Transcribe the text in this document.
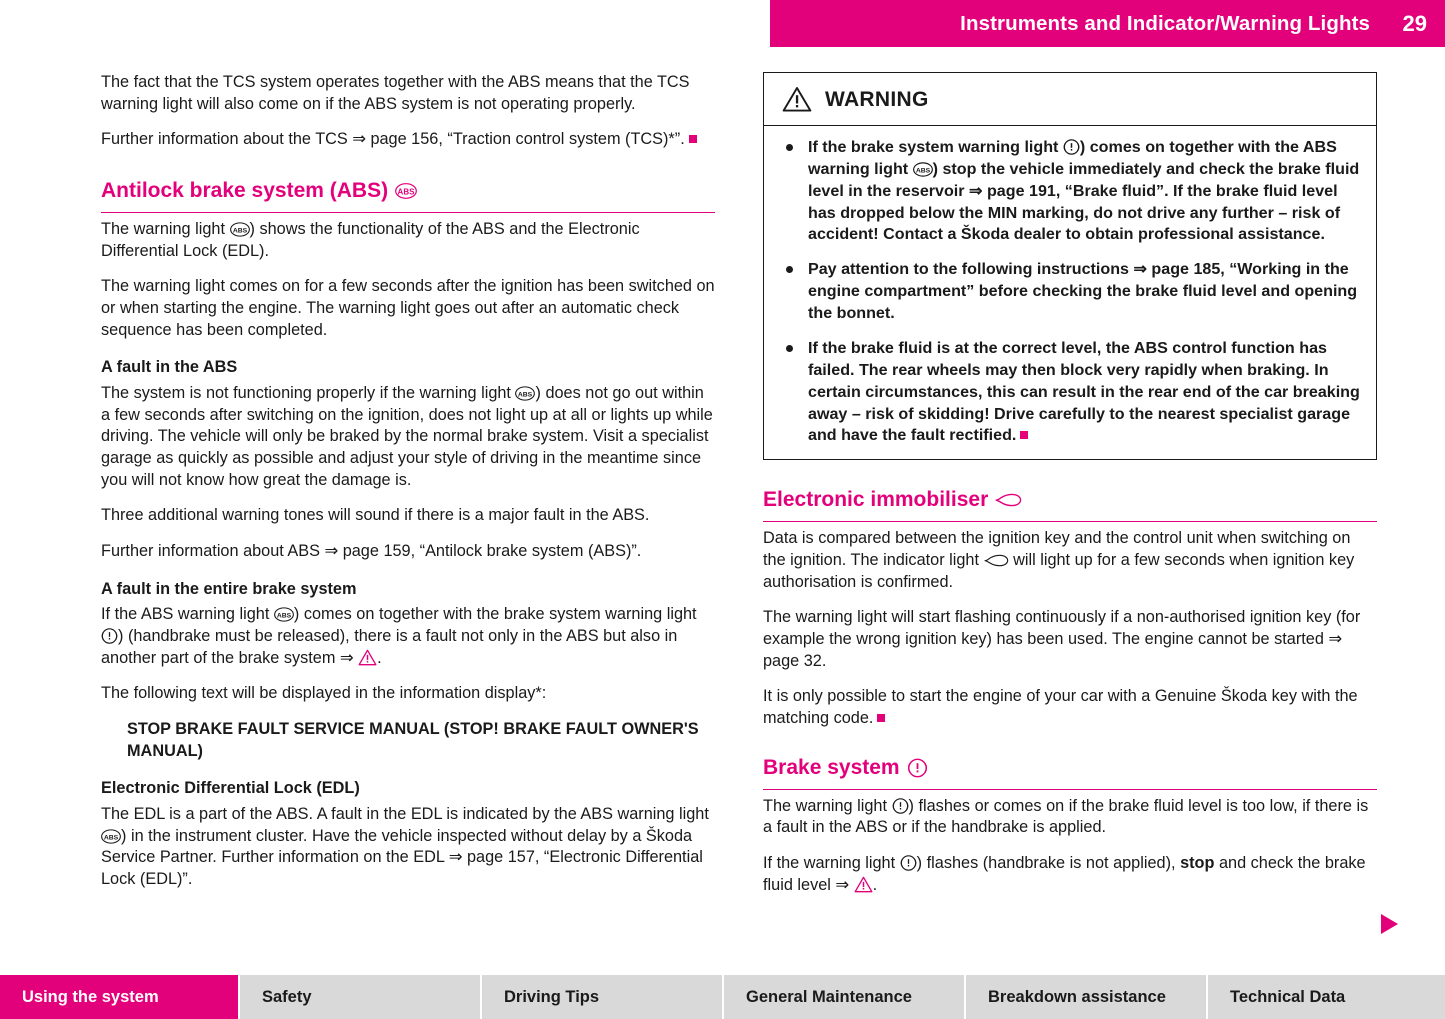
Instruments and Indicator/Warning Lights 29

The fact that the TCS system operates together with the ABS means that the TCS warning light will also come on if the ABS system is not operating properly.

Further information about the TCS ⇒ page 156, “Traction control system (TCS)*”.

Antilock brake system (ABS) ABS

The warning light ABS ) shows the functionality of the ABS and the Electronic Differential Lock (EDL).

The warning light comes on for a few seconds after the ignition has been switched on or when starting the engine. The warning light goes out after an automatic check sequence has been completed.

A fault in the ABS

The system is not functioning properly if the warning light ABS ) does not go out within a few seconds after switching on the ignition, does not light up at all or lights up while driving. The vehicle will only be braked by the normal brake system. Visit a specialist garage as quickly as possible and adjust your style of driving in the meantime since you will not know how great the damage is.

Three additional warning tones will sound if there is a major fault in the ABS.

Further information about ABS ⇒ page 159, “Antilock brake system (ABS)”.

A fault in the entire brake system

If the ABS warning light ABS ) comes on together with the brake system warning light
) (handbrake must be released), there is a fault not only in the ABS but also in another part of the brake system ⇒ .

The following text will be displayed in the information display*:

STOP BRAKE FAULT SERVICE MANUAL (STOP! BRAKE FAULT OWNER'S MANUAL)
Electronic Differential Lock (EDL)

The EDL is a part of the ABS. A fault in the EDL is indicated by the ABS warning light
ABS ) in the instrument cluster. Have the vehicle inspected without delay by a Škoda Service Partner. Further information on the EDL ⇒ page 157, “Electronic Differential Lock (EDL)”.

WARNING
If the brake system warning light ) comes on together with the ABS warning light ABS ) stop the vehicle immediately and check the brake fluid level in the reservoir ⇒ page 191, “Brake fluid”. If the brake fluid level has dropped below the MIN marking, do not drive any further – risk of accident! Contact a Škoda dealer to obtain professional assistance.
Pay attention to the following instructions ⇒ page 185, “Working in the engine compartment” before checking the brake fluid level and opening the bonnet.
If the brake fluid is at the correct level, the ABS control function has failed. The rear wheels may then block very rapidly when braking. In certain circumstances, this can result in the rear end of the car breaking away – risk of skidding! Drive carefully to the nearest specialist garage and have the fault rectified.
Electronic immobiliser

Data is compared between the ignition key and the control unit when switching on the ignition. The indicator light will light up for a few seconds when ignition key authorisation is confirmed.

The warning light will start flashing continuously if a non-authorised ignition key (for example the wrong ignition key) has been used. The engine cannot be started ⇒ page 32.

It is only possible to start the engine of your car with a Genuine Škoda key with the matching code.

Brake system

The warning light ) flashes or comes on if the brake fluid level is too low, if there is a fault in the ABS or if the handbrake is applied.

If the warning light ) flashes (handbrake is not applied), stop and check the brake fluid level ⇒ .

Using the system	Safety	Driving Tips	General Maintenance	Breakdown assistance	Technical Data
